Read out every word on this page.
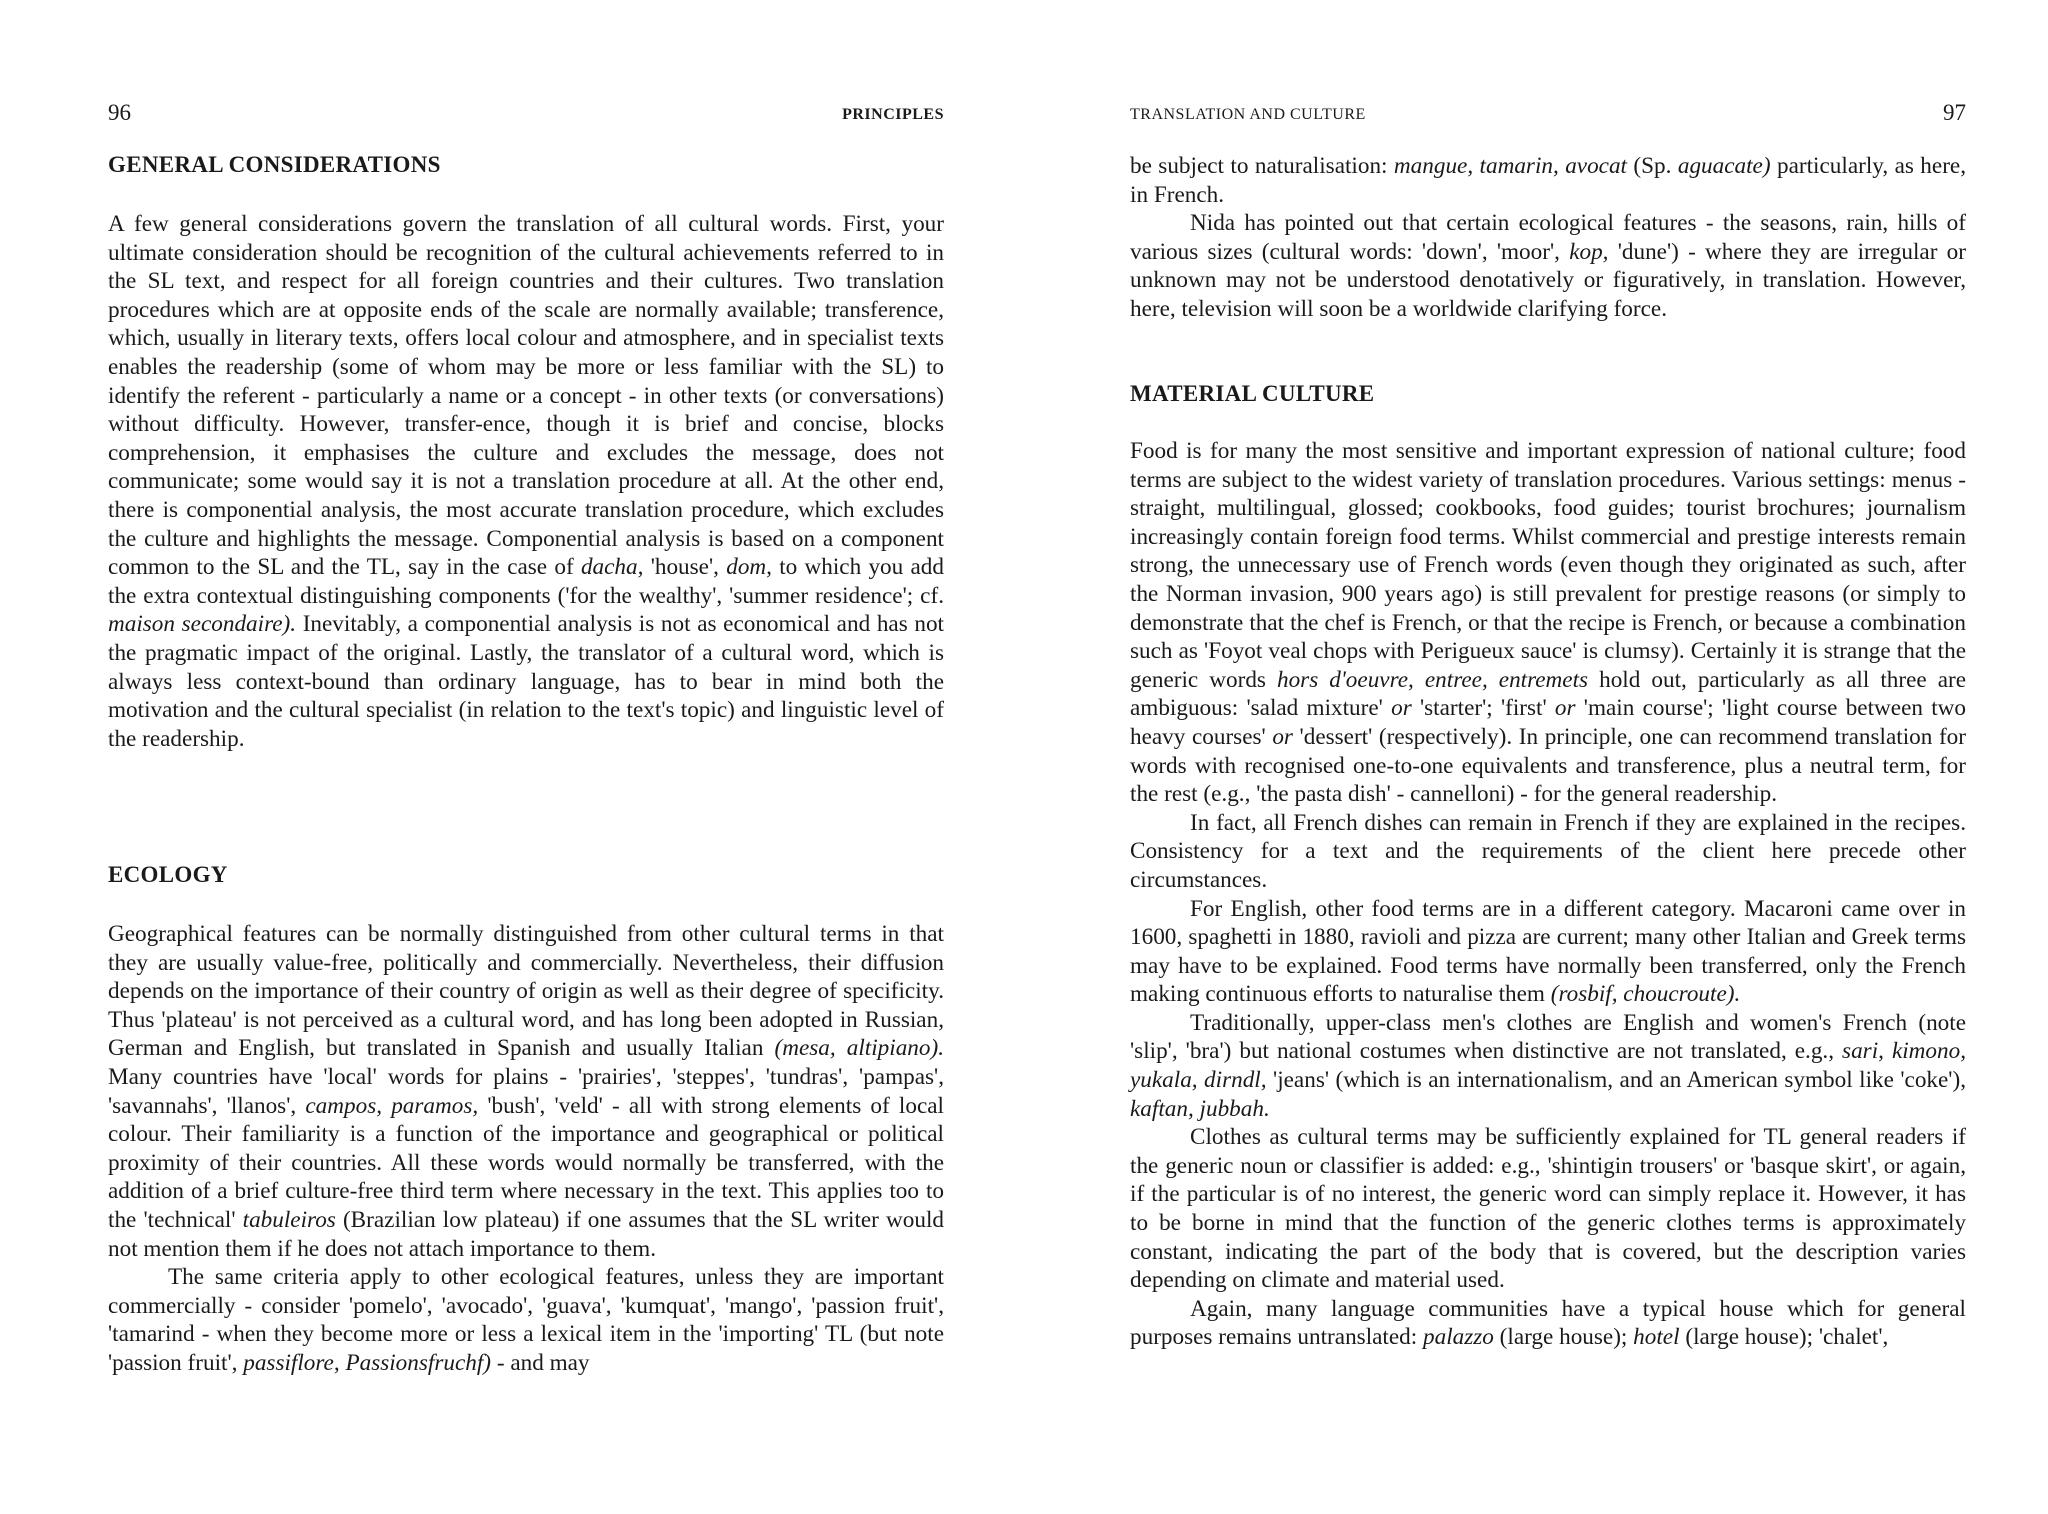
96	PRINCIPLES
GENERAL CONSIDERATIONS

A few general considerations govern the translation of all cultural words. First, your ultimate consideration should be recognition of the cultural achievements referred to in the SL text, and respect for all foreign countries and their cultures. Two translation procedures which are at opposite ends of the scale are normally available; transference, which, usually in literary texts, offers local colour and atmosphere, and in specialist texts enables the readership (some of whom may be more or less familiar with the SL) to identify the referent - particularly a name or a concept - in other texts (or conversations) without difficulty. However, transfer-ence, though it is brief and concise, blocks comprehension, it emphasises the culture and excludes the message, does not communicate; some would say it is not a translation procedure at all. At the other end, there is componential analysis, the most accurate translation procedure, which excludes the culture and highlights the message. Componential analysis is based on a component common to the SL and the TL, say in the case of dacha, 'house', dom, to which you add the extra contextual distinguishing components ('for the wealthy', 'summer residence'; cf. maison secondaire). Inevitably, a componential analysis is not as economical and has not the pragmatic impact of the original. Lastly, the translator of a cultural word, which is always less context-bound than ordinary language, has to bear in mind both the motivation and the cultural specialist (in relation to the text's topic) and linguistic level of the readership.

ECOLOGY

Geographical features can be normally distinguished from other cultural terms in that they are usually value-free, politically and commercially. Nevertheless, their diffusion depends on the importance of their country of origin as well as their degree of specificity. Thus 'plateau' is not perceived as a cultural word, and has long been adopted in Russian, German and English, but translated in Spanish and usually Italian (mesa, altipiano). Many countries have 'local' words for plains - 'prairies', 'steppes', 'tundras', 'pampas', 'savannahs', 'llanos', campos, paramos, 'bush', 'veld' - all with strong elements of local colour. Their familiarity is a function of the importance and geographical or political proximity of their countries. All these words would normally be transferred, with the addition of a brief culture-free third term where necessary in the text. This applies too to the 'technical' tabuleiros (Brazilian low plateau) if one assumes that the SL writer would not mention them if he does not attach importance to them.

The same criteria apply to other ecological features, unless they are important commercially - consider 'pomelo', 'avocado', 'guava', 'kumquat', 'mango', 'passion fruit', 'tamarind - when they become more or less a lexical item in the 'importing' TL (but note 'passion fruit', passiflore, Passionsfruchf) - and may

TRANSLATION AND CULTURE	97

be subject to naturalisation: mangue, tamarin, avocat (Sp. aguacate) particularly, as here, in French.

Nida has pointed out that certain ecological features - the seasons, rain, hills of various sizes (cultural words: 'down', 'moor', kop, 'dune') - where they are irregular or unknown may not be understood denotatively or figuratively, in translation. However, here, television will soon be a worldwide clarifying force.

MATERIAL CULTURE

Food is for many the most sensitive and important expression of national culture; food terms are subject to the widest variety of translation procedures. Various settings: menus - straight, multilingual, glossed; cookbooks, food guides; tourist brochures; journalism increasingly contain foreign food terms. Whilst commercial and prestige interests remain strong, the unnecessary use of French words (even though they originated as such, after the Norman invasion, 900 years ago) is still prevalent for prestige reasons (or simply to demonstrate that the chef is French, or that the recipe is French, or because a combination such as 'Foyot veal chops with Perigueux sauce' is clumsy). Certainly it is strange that the generic words hors d'oeuvre, entree, entremets hold out, particularly as all three are ambiguous: 'salad mixture' or 'starter'; 'first' or 'main course'; 'light course between two heavy courses' or 'dessert' (respectively). In principle, one can recommend translation for words with recognised one-to-one equivalents and transference, plus a neutral term, for the rest (e.g., 'the pasta dish' - cannelloni) - for the general readership.

In fact, all French dishes can remain in French if they are explained in the recipes. Consistency for a text and the requirements of the client here precede other circumstances.

For English, other food terms are in a different category. Macaroni came over in 1600, spaghetti in 1880, ravioli and pizza are current; many other Italian and Greek terms may have to be explained. Food terms have normally been transferred, only the French making continuous efforts to naturalise them (rosbif, choucroute).

Traditionally, upper-class men's clothes are English and women's French (note 'slip', 'bra') but national costumes when distinctive are not translated, e.g., sari, kimono, yukala, dirndl, 'jeans' (which is an internationalism, and an American symbol like 'coke'), kaftan, jubbah.

Clothes as cultural terms may be sufficiently explained for TL general readers if the generic noun or classifier is added: e.g., 'shintigin trousers' or 'basque skirt', or again, if the particular is of no interest, the generic word can simply replace it. However, it has to be borne in mind that the function of the generic clothes terms is approximately constant, indicating the part of the body that is covered, but the description varies depending on climate and material used.

Again, many language communities have a typical house which for general purposes remains untranslated: palazzo (large house); hotel (large house); 'chalet',
